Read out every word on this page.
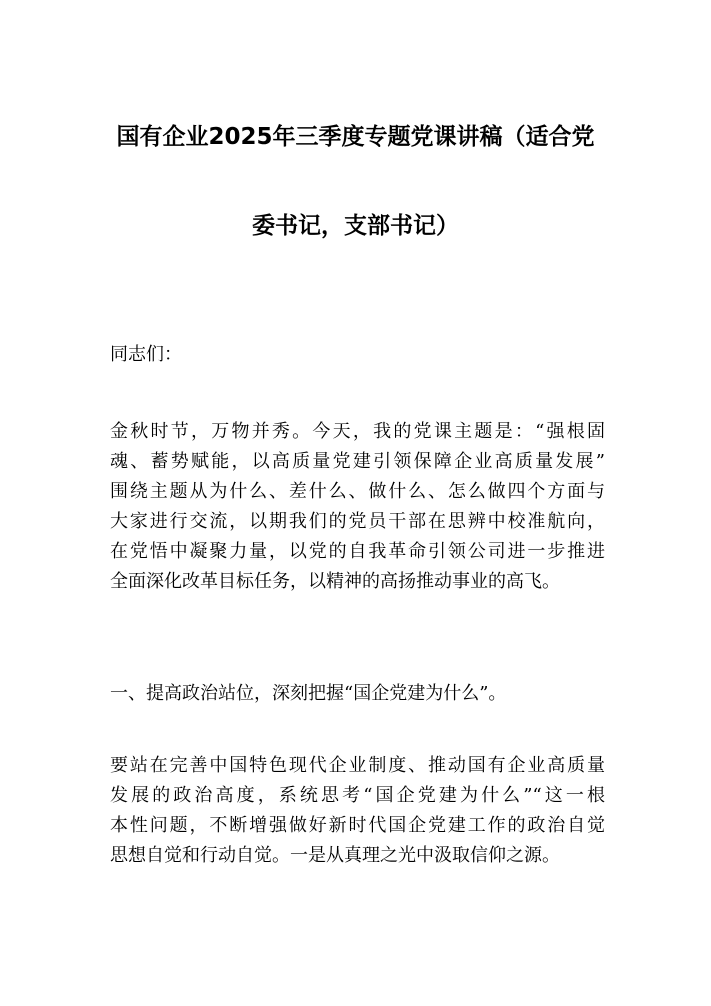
国有企业2025年三季度专题党课讲稿（适合党
委书记，支部书记）
同志们：
金秋时节，万物并秀。今天，我的党课主题是：“强根固
魂、蓄势赋能，以高质量党建引领保障企业高质量发展”
围绕主题从为什么、差什么、做什么、怎么做四个方面与
大家进行交流，以期我们的党员干部在思辨中校准航向，
在党悟中凝聚力量，以党的自我革命引领公司进一步推进
全面深化改革目标任务，以精神的高扬推动事业的高飞。
一、提高政治站位，深刻把握“国企党建为什么”。
要站在完善中国特色现代企业制度、推动国有企业高质量
发展的政治高度，系统思考“国企党建为什么”“这一根
本性问题，不断增强做好新时代国企党建工作的政治自觉
思想自觉和行动自觉。一是从真理之光中汲取信仰之源。
